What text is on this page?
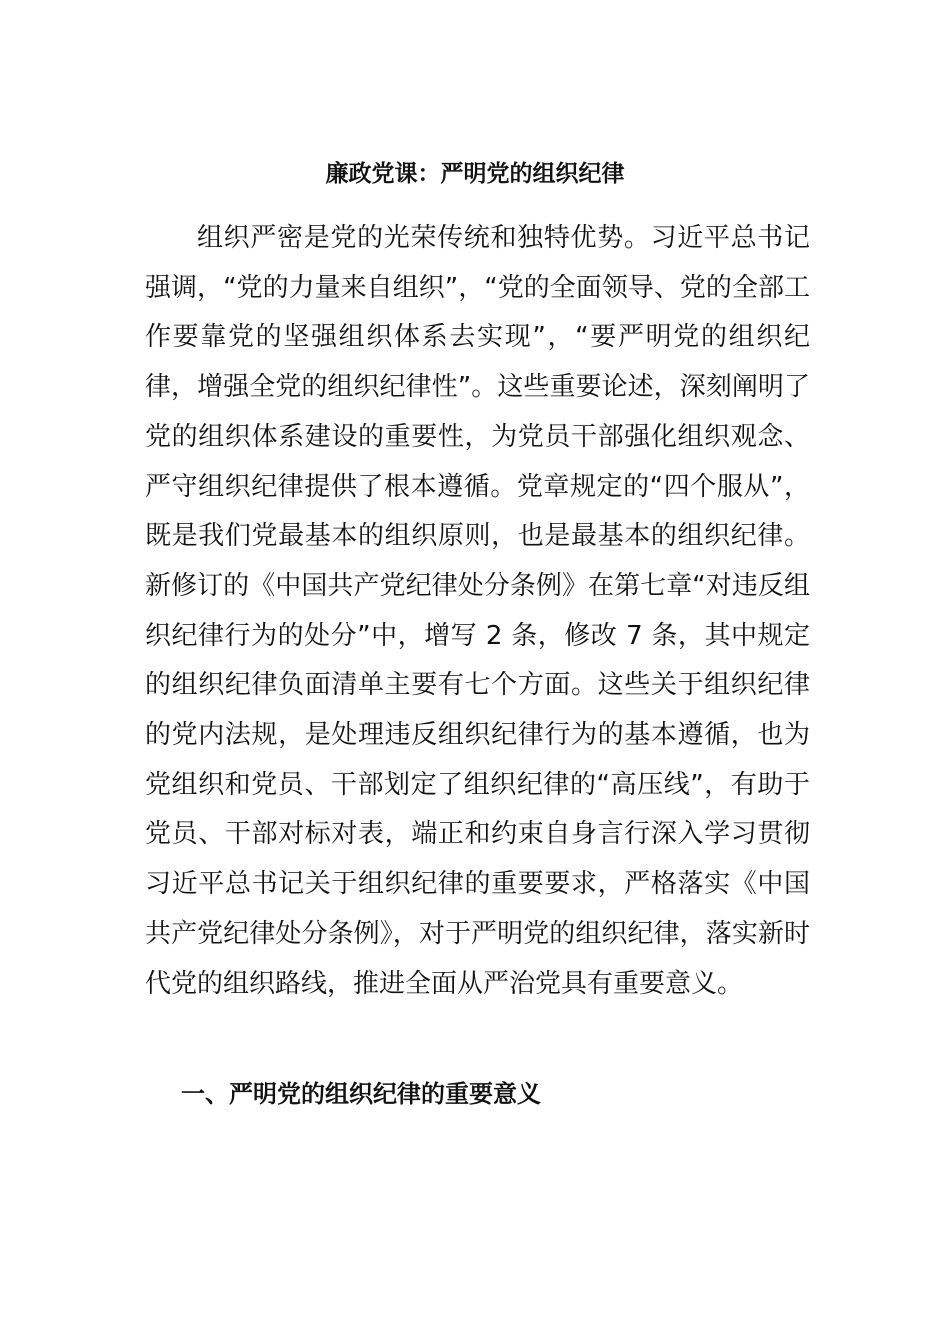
廉政党课：严明党的组织纪律

组织严密是党的光荣传统和独特优势。习近平总书记强调，“党的力量来自组织”，“党的全面领导、党的全部工作要靠党的坚强组织体系去实现”，“要严明党的组织纪律，增强全党的组织纪律性”。这些重要论述，深刻阐明了党的组织体系建设的重要性，为党员干部强化组织观念、严守组织纪律提供了根本遵循。党章规定的“四个服从”，既是我们党最基本的组织原则，也是最基本的组织纪律。新修订的《中国共产党纪律处分条例》在第七章“对违反组织纪律行为的处分”中，增写 2 条，修改 7 条，其中规定的组织纪律负面清单主要有七个方面。这些关于组织纪律的党内法规，是处理违反组织纪律行为的基本遵循，也为党组织和党员、干部划定了组织纪律的“高压线”，有助于党员、干部对标对表，端正和约束自身言行深入学习贯彻习近平总书记关于组织纪律的重要要求，严格落实《中国共产党纪律处分条例》，对于严明党的组织纪律，落实新时代党的组织路线，推进全面从严治党具有重要意义。

一、严明党的组织纪律的重要意义
